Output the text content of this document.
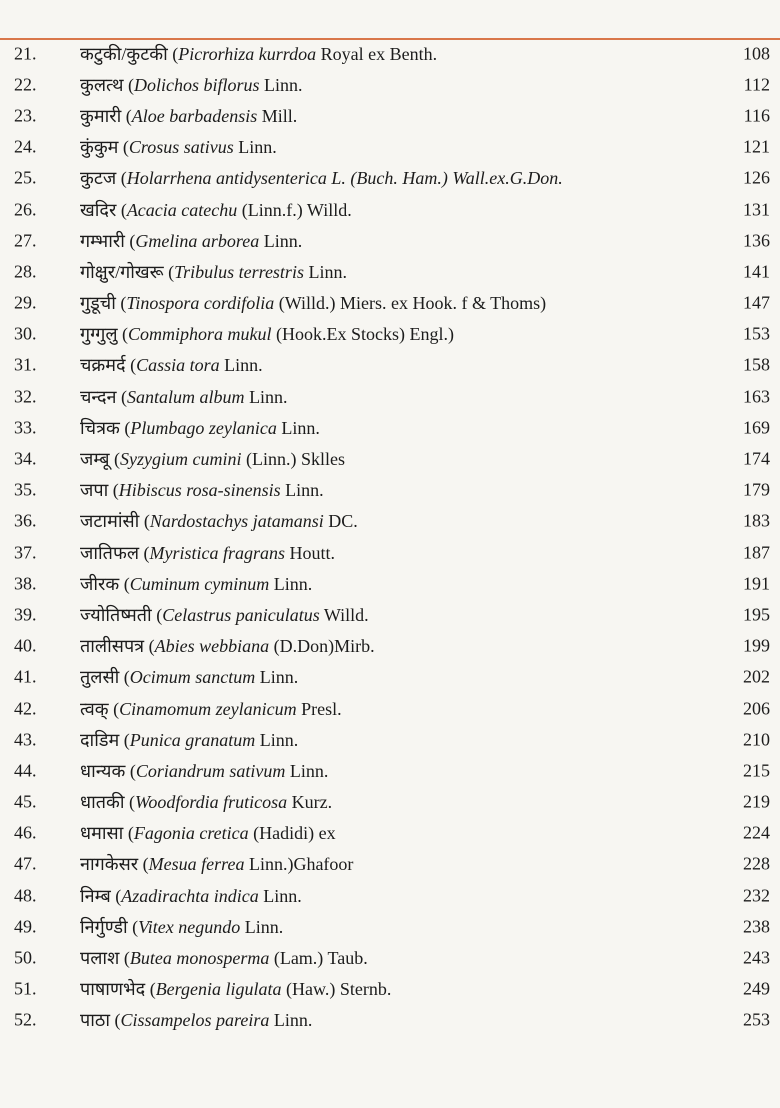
21. कटुकी/कुटकी (Picrorhiza kurrdoa Royal ex Benth.	108
22. कुलत्थ (Dolichos biflorus Linn.	112
23. कुमारी (Aloe barbadensis Mill.	116
24. कुंकुम (Crosus sativus Linn.	121
25. कुटज (Holarrhena antidysenterica L. (Buch. Ham.) Wall.ex.G.Don.	126
26. खदिर (Acacia catechu (Linn.f.) Willd.	131
27. गम्भारी (Gmelina arborea Linn.	136
28. गोक्षुर/गोखरू (Tribulus terrestris Linn.	141
29. गुडूची (Tinospora cordifolia (Willd.) Miers. ex Hook. f & Thoms)	147
30. गुग्गुलु (Commiphora mukul (Hook.Ex Stocks) Engl.)	153
31. चक्रमर्द (Cassia tora Linn.	158
32. चन्दन (Santalum album Linn.	163
33. चित्रक (Plumbago zeylanica Linn.	169
34. जम्बू (Syzygium cumini (Linn.) Sklles	174
35. जपा (Hibiscus rosa-sinensis Linn.	179
36. जटामांसी (Nardostachys jatamansi DC.	183
37. जातिफल (Myristica fragrans Houtt.	187
38. जीरक (Cuminum cyminum Linn.	191
39. ज्योतिष्मती (Celastrus paniculatus Willd.	195
40. तालीसपत्र (Abies webbiana (D.Don)Mirb.	199
41. तुलसी (Ocimum sanctum Linn.	202
42. त्वक् (Cinamomum zeylanicum Presl.	206
43. दाडिम (Punica granatum Linn.	210
44. धान्यक (Coriandrum sativum Linn.	215
45. धातकी (Woodfordia fruticosa Kurz.	219
46. धमासा (Fagonia cretica (Hadidi) ex	224
47. नागकेसर (Mesua ferrea Linn.)Ghafoor	228
48. निम्ब (Azadirachta indica Linn.	232
49. निर्गुण्डी (Vitex negundo Linn.	238
50. पलाश (Butea monosperma (Lam.) Taub.	243
51. पाषाणभेद (Bergenia ligulata (Haw.) Sternb.	249
52. पाठा (Cissampelos pareira Linn.	253
